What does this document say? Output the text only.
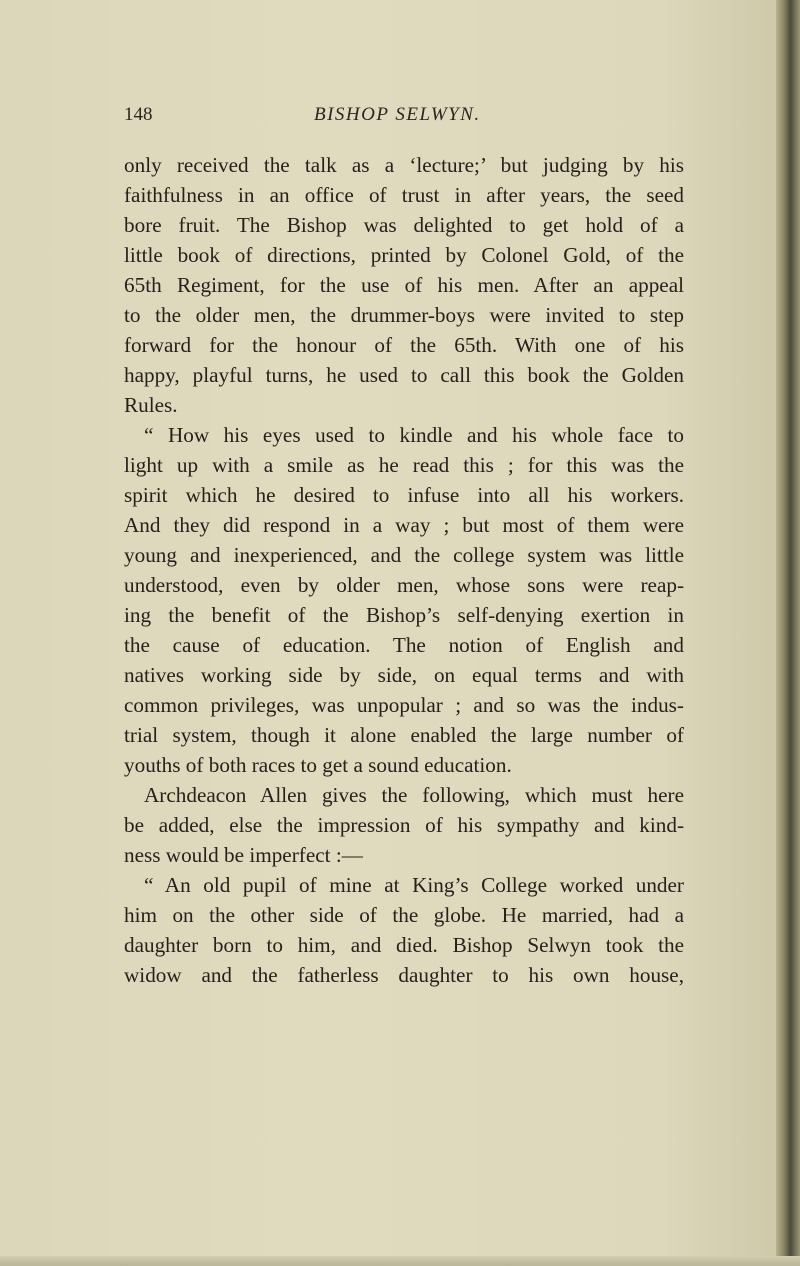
148	BISHOP SELWYN.
only received the talk as a ‘lecture;’ but judging by his
faithfulness in an office of trust in after years, the seed
bore fruit. The Bishop was delighted to get hold of a
little book of directions, printed by Colonel Gold, of the
65th Regiment, for the use of his men. After an appeal
to the older men, the drummer-boys were invited to step
forward for the honour of the 65th. With one of his
happy, playful turns, he used to call this book the Golden
Rules.
“ How his eyes used to kindle and his whole face to
light up with a smile as he read this ; for this was the
spirit which he desired to infuse into all his workers.
And they did respond in a way ; but most of them were
young and inexperienced, and the college system was little
understood, even by older men, whose sons were reap-
ing the benefit of the Bishop’s self-denying exertion in
the cause of education. The notion of English and
natives working side by side, on equal terms and with
common privileges, was unpopular ; and so was the indus-
trial system, though it alone enabled the large number of
youths of both races to get a sound education.
Archdeacon Allen gives the following, which must here
be added, else the impression of his sympathy and kind-
ness would be imperfect :—
“ An old pupil of mine at King’s College worked under
him on the other side of the globe. He married, had a
daughter born to him, and died. Bishop Selwyn took the
widow and the fatherless daughter to his own house,
